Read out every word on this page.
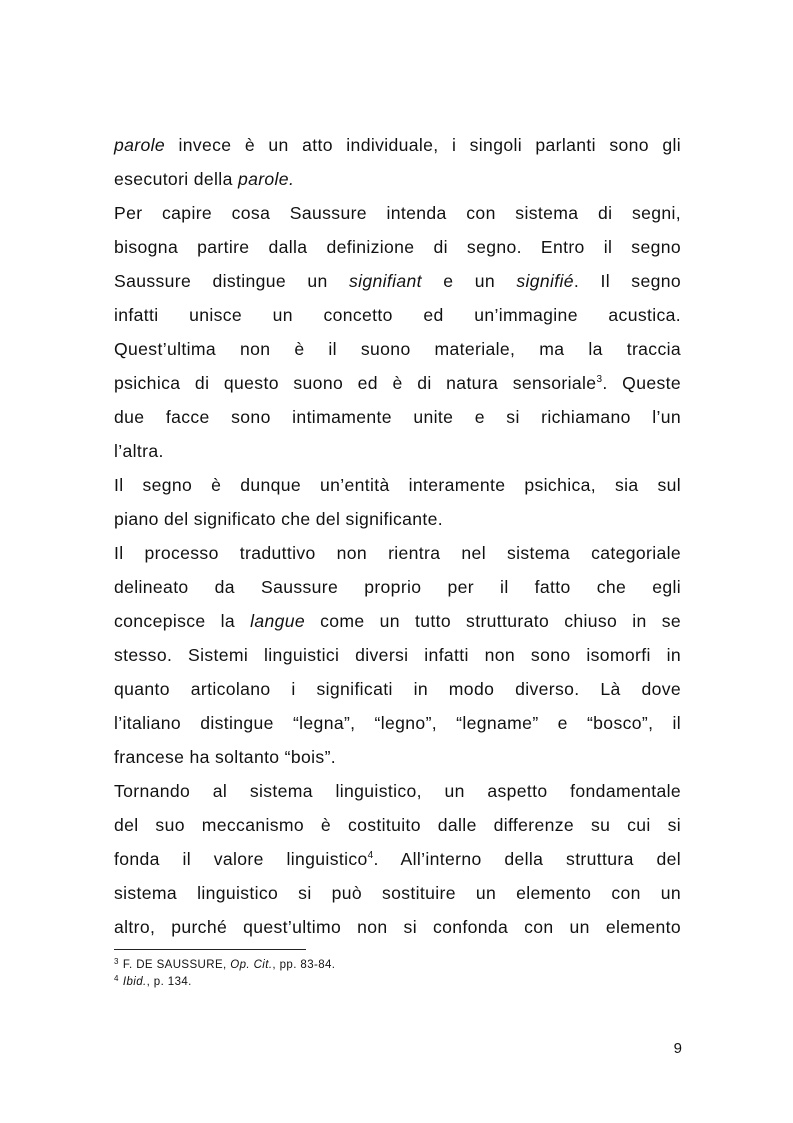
parole invece è un atto individuale, i singoli parlanti sono gli
esecutori della parole.
Per capire cosa Saussure intenda con sistema di segni,
bisogna partire dalla definizione di segno. Entro il segno
Saussure distingue un signifiant e un signifié. Il segno
infatti unisce un concetto ed un’immagine acustica.
Quest’ultima non è il suono materiale, ma la traccia
psichica di questo suono ed è di natura sensoriale$^3$. Queste
due facce sono intimamente unite e si richiamano l’un
l’altra.
Il segno è dunque un’entità interamente psichica, sia sul
piano del significato che del significante.
Il processo traduttivo non rientra nel sistema categoriale
delineato da Saussure proprio per il fatto che egli
concepisce la langue come un tutto strutturato chiuso in se
stesso. Sistemi linguistici diversi infatti non sono isomorfi in
quanto articolano i significati in modo diverso. Là dove
l’italiano distingue “legna”, “legno”, “legname” e “bosco”, il
francese ha soltanto “bois”.
Tornando al sistema linguistico, un aspetto fondamentale
del suo meccanismo è costituito dalle differenze su cui si
fonda il valore linguistico$^4$. All’interno della struttura del
sistema linguistico si può sostituire un elemento con un
altro, purché quest’ultimo non si confonda con un elemento
$^3$ F. DE SAUSSURE, Op. Cit., pp. 83-84.
$^4$ Ibid., p. 134.
9
